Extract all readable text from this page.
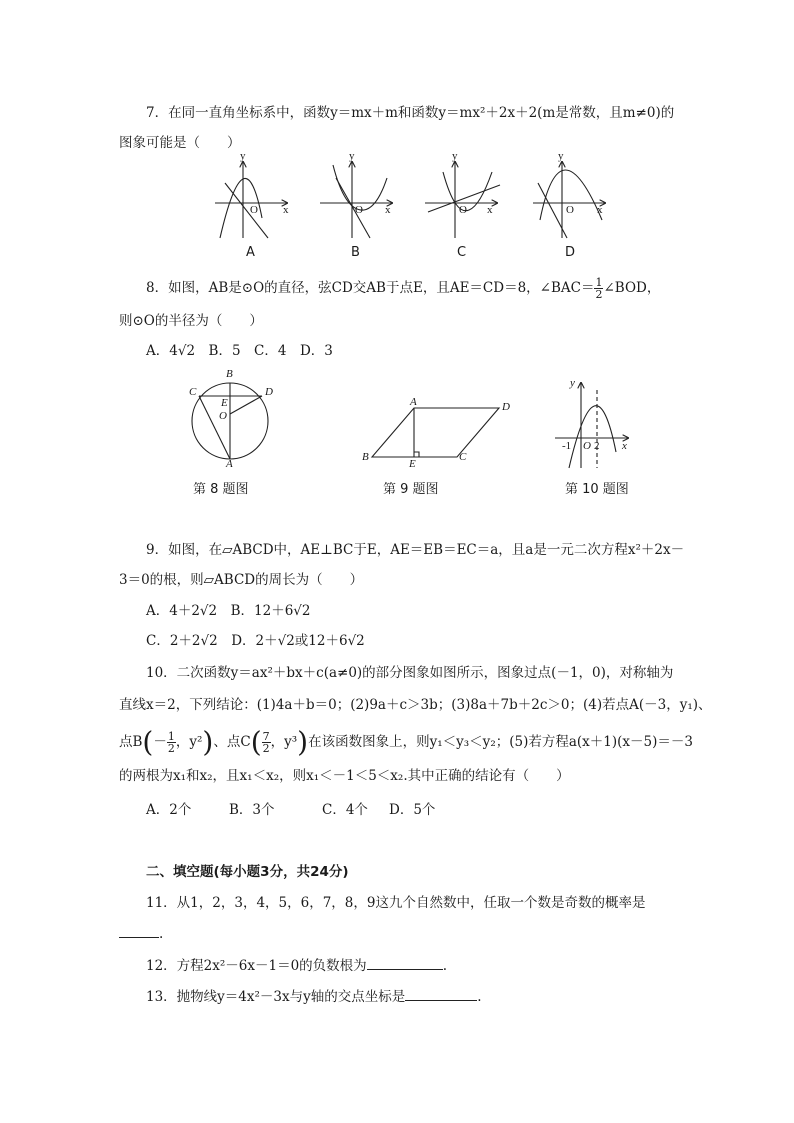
7．在同一直角坐标系中，函数y＝mx＋m和函数y＝mx²＋2x＋2(m是常数，且m≠0)的
图象可能是（　　）
y
x
O
y
x
O
y
x
O
y
x
O
A	B	C	D
8．如图，AB是⊙O的直径，弦CD交AB于点E，且AE＝CD＝8，∠BAC＝ $\frac{1}{2}$ ∠BOD，
则⊙O的半径为（　　）
A．4√2　B．5　C．4　D．3
B
C	D
E
O
A
A	D
B
E
C
y
x
-1 O 2
第 8 题图	第 9 题图	第 10 题图
9．如图，在▱ABCD中，AE⊥BC于E，AE＝EB＝EC＝a，且a是一元二次方程x²＋2x－
3＝0的根，则▱ABCD的周长为（　　）
A．4＋2√2　B．12＋6√2
C．2＋2√2　D．2＋√2或12＋6√2
10．二次函数y＝ax²＋bx＋c(a≠0)的部分图象如图所示，图象过点(－1，0)，对称轴为
直线x＝2，下列结论：(1)4a＋b＝0；(2)9a＋c＞3b；(3)8a＋7b＋2c＞0；(4)若点A(－3，y₁)、
点$B(- \frac{1}{2}$ ，y²)、点$C( \frac{7}{2}$ ，y³)在该函数图象上，则y₁＜y₃＜y₂；(5)若方程a(x＋1)(x－5)＝－3
的两根为x₁和x₂，且x₁＜x₂，则x₁＜－1＜5＜x₂.其中正确的结论有（　　）
A．2个	B．3个	C．4个 D．5个
二、填空题(每小题3分，共24分)
11．从1，2，3，4，5，6，7，8，9这九个自然数中，任取一个数是奇数的概率是
.
12．方程2x²－6x－1＝0的负数根为	.
13．抛物线y＝4x²－3x与y轴的交点坐标是	.
